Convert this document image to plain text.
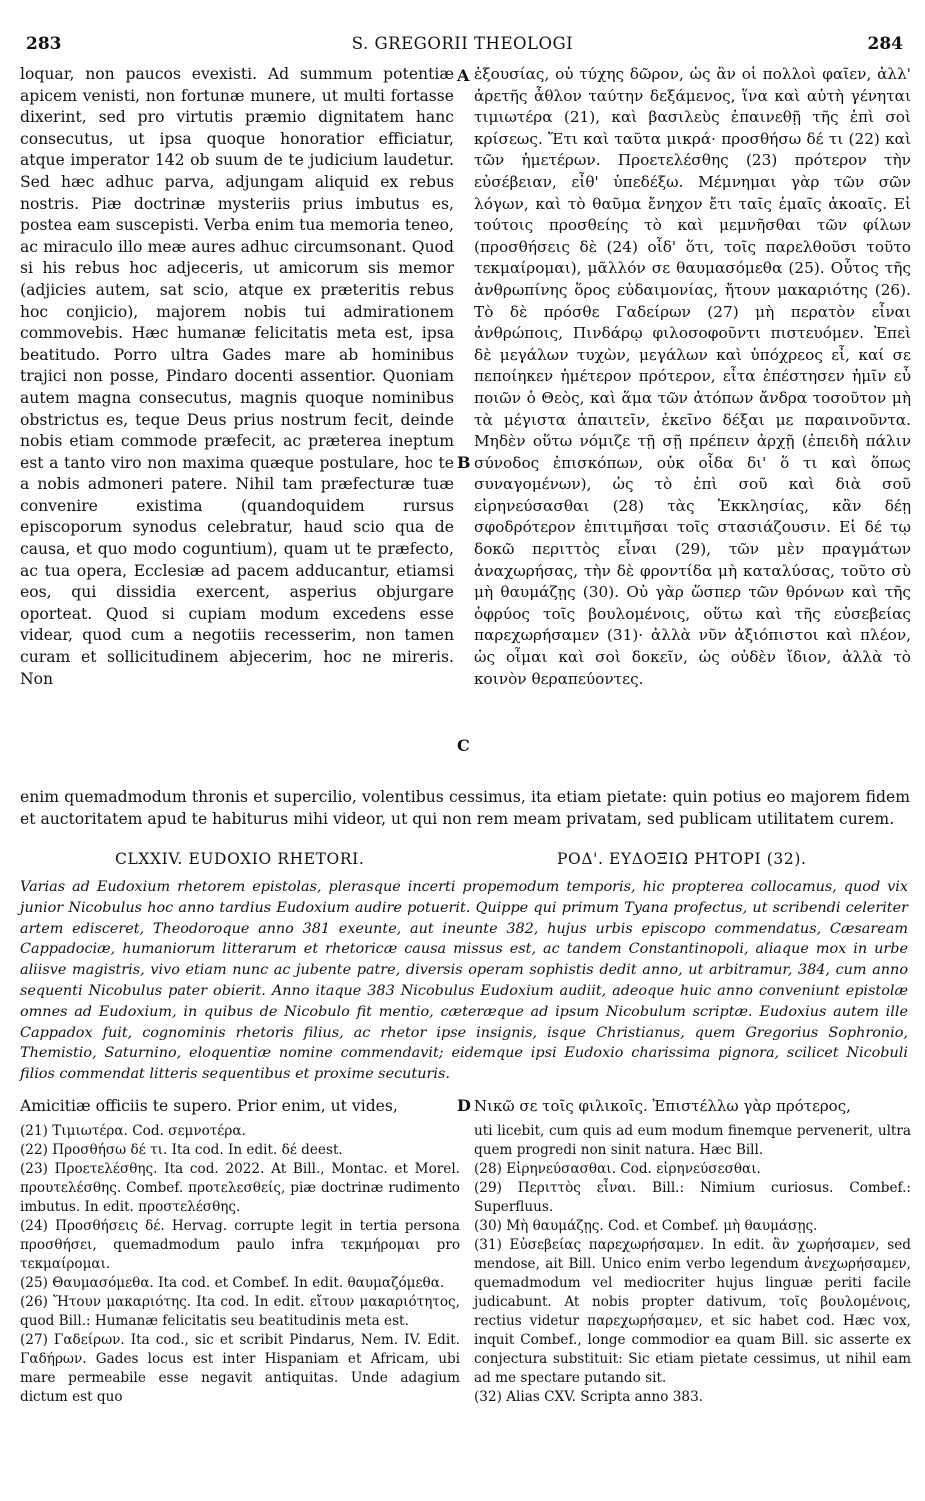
283	S. GREGORII THEOLOGI	284

loquar, non paucos evexisti. Ad summum potentiæ apicem venisti, non fortunæ munere, ut multi fortasse dixerint, sed pro virtutis præmio dignitatem hanc consecutus, ut ipsa quoque honoratior efficiatur, atque imperator 142 ob suum de te judicium laudetur. Sed hæc adhuc parva, adjungam aliquid ex rebus nostris. Piæ doctrinæ mysteriis prius imbutus es, postea eam suscepisti. Verba enim tua memoria teneo, ac miraculo illo meæ aures adhuc circumsonant. Quod si his rebus hoc adjeceris, ut amicorum sis memor (adjicies autem, sat scio, atque ex præteritis rebus hoc conjicio), majorem nobis tui admirationem commovebis. Hæc humanæ felicitatis meta est, ipsa beatitudo. Porro ultra Gades mare ab hominibus trajici non posse, Pindaro docenti assentior. Quoniam autem magna consecutus, magnis quoque nominibus obstrictus es, teque Deus prius nostrum fecit, deinde nobis etiam commode præfecit, ac præterea ineptum est a tanto viro non maxima quæque postulare, hoc te a nobis admoneri patere. Nihil tam præfecturæ tuæ convenire existima (quandoquidem rursus episcoporum synodus celebratur, haud scio qua de causa, et quo modo coguntium), quam ut te præfecto, ac tua opera, Ecclesiæ ad pacem adducantur, etiamsi eos, qui dissidia exercent, asperius objurgare oporteat. Quod si cupiam modum excedens esse videar, quod cum a negotiis recesserim, non tamen curam et sollicitudinem abjecerim, hoc ne mireris. Non

ἐξουσίας, οὐ τύχης δῶρον, ὡς ἂν οἱ πολλοὶ φαῖεν, ἀλλ' ἀρετῆς ἆθλον ταύτην δεξάμενος, ἵνα καὶ αὐτὴ γένηται τιμιωτέρα (21), καὶ βασιλεὺς ἐπαινεθῇ τῆς ἐπὶ σοὶ κρίσεως. Ἔτι καὶ ταῦτα μικρά· προσθήσω δέ τι (22) καὶ τῶν ἡμετέρων. Προετελέσθης (23) πρότερον τὴν εὐσέβειαν, εἶθ' ὑπεδέξω. Μέμνημαι γὰρ τῶν σῶν λόγων, καὶ τὸ θαῦμα ἔνηχον ἔτι ταῖς ἐμαῖς ἀκοαῖς. Εἰ τούτοις προσθείης τὸ καὶ μεμνῆσθαι τῶν φίλων (προσθήσεις δὲ (24) οἶδ' ὅτι, τοῖς παρελθοῦσι τοῦτο τεκμαίρομαι), μᾶλλόν σε θαυμασόμεθα (25). Οὗτος τῆς ἀνθρωπίνης ὅρος εὐδαιμονίας, ἤτουν μακαριότης (26). Τὸ δὲ πρόσθε Γαδείρων (27) μὴ περατὸν εἶναι ἀνθρώποις, Πινδάρῳ φιλοσοφοῦντι πιστευόμεν. Ἐπεὶ δὲ μεγάλων τυχὼν, μεγάλων καὶ ὑπόχρεος εἶ, καί σε πεποίηκεν ἡμέτερον πρότερον, εἶτα ἐπέστησεν ἡμῖν εὖ ποιῶν ὁ Θεὸς, καὶ ἅμα τῶν ἀτόπων ἄνδρα τοσοῦτον μὴ τὰ μέγιστα ἀπαιτεῖν, ἐκεῖνο δέξαι με παραινοῦντα. Μηδὲν οὕτω νόμιζε τῇ σῇ πρέπειν ἀρχῇ (ἐπειδὴ πάλιν σύνοδος ἐπισκόπων, οὐκ οἶδα δι' ὅ τι καὶ ὅπως συναγομένων), ὡς τὸ ἐπὶ σοῦ καὶ διὰ σοῦ εἰρηνεύσασθαι (28) τὰς Ἐκκλησίας, κἂν δέῃ σφοδρότερον ἐπιτιμῆσαι τοῖς στασιάζουσιν. Εἰ δέ τῳ δοκῶ περιττὸς εἶναι (29), τῶν μὲν πραγμάτων ἀναχωρήσας, τὴν δὲ φροντίδα μὴ καταλύσας, τοῦτο σὺ μὴ θαυμάζῃς (30). Οὐ γὰρ ὥσπερ τῶν θρόνων καὶ τῆς ὀφρύος τοῖς βουλομένοις, οὕτω καὶ τῆς εὐσεβείας παρεχωρήσαμεν (31)· ἀλλὰ νῦν ἀξιόπιστοι καὶ πλέον, ὡς οἶμαι καὶ σοὶ δοκεῖν, ὡς οὐδὲν ἴδιον, ἀλλὰ τὸ κοινὸν θεραπεύοντες.

A
B
C
D

enim quemadmodum thronis et supercilio, volentibus cessimus, ita etiam pietate: quin potius eo majorem fidem et auctoritatem apud te habiturus mihi videor, ut qui non rem meam privatam, sed publicam utilitatem curem.

CLXXIV. EUDOXIO RHETORI.	ΡΟΔ'. ΕΥΔΟΞΙΩ ΡΗΤΟΡΙ (32).

Varias ad Eudoxium rhetorem epistolas, plerasque incerti propemodum temporis, hic propterea collocamus, quod vix junior Nicobulus hoc anno tardius Eudoxium audire potuerit. Quippe qui primum Tyana profectus, ut scribendi celeriter artem edisceret, Theodoroque anno 381 exeunte, aut ineunte 382, hujus urbis episcopo commendatus, Cæsaream Cappadociæ, humaniorum litterarum et rhetoricæ causa missus est, ac tandem Constantinopoli, aliaque mox in urbe aliisve magistris, vivo etiam nunc ac jubente patre, diversis operam sophistis dedit anno, ut arbitramur, 384, cum anno sequenti Nicobulus pater obierit. Anno itaque 383 Nicobulus Eudoxium audiit, adeoque huic anno conveniunt epistolæ omnes ad Eudoxium, in quibus de Nicobulo fit mentio, cæteræque ad ipsum Nicobulum scriptæ. Eudoxius autem ille Cappadox fuit, cognominis rhetoris filius, ac rhetor ipse insignis, isque Christianus, quem Gregorius Sophronio, Themistio, Saturnino, eloquentiæ nomine commendavit; eidemque ipsi Eudoxio charissima pignora, scilicet Nicobuli filios commendat litteris sequentibus et proxime secuturis.

Amicitiæ officiis te supero. Prior enim, ut vides,	Νικῶ σε τοῖς φιλικοῖς. Ἐπιστέλλω γὰρ πρότερος,

(21) Τιμιωτέρα. Cod. σεμνοτέρα.

(22) Προσθήσω δέ τι. Ita cod. In edit. δέ deest.

(23) Προετελέσθης. Ita cod. 2022. At Bill., Montac. et Morel. προυτελέσθης. Combef. προτελεσθείς, piæ doctrinæ rudimento imbutus. In edit. προστελέσθης.

(24) Προσθήσεις δέ. Hervag. corrupte legit in tertia persona προσθήσει, quemadmodum paulo infra τεκμήρομαι pro τεκμαίρομαι.

(25) Θαυμασόμεθα. Ita cod. et Combef. In edit. θαυμαζόμεθα.

(26) Ἤτουν μακαριότης. Ita cod. In edit. εἴτουν μακαριότητος, quod Bill.: Humanæ felicitatis seu beatitudinis meta est.

(27) Γαδείρων. Ita cod., sic et scribit Pindarus, Nem. IV. Edit. Γαδήρων. Gades locus est inter Hispaniam et Africam, ubi mare permeabile esse negavit antiquitas. Unde adagium dictum est quo

uti licebit, cum quis ad eum modum finemque pervenerit, ultra quem progredi non sinit natura. Hæc Bill.

(28) Εἰρηνεύσασθαι. Cod. εἰρηνεύσεσθαι.

(29) Περιττὸς εἶναι. Bill.: Nimium curiosus. Combef.: Superfluus.

(30) Μὴ θαυμάζῃς. Cod. et Combef. μὴ θαυμάσῃς.

(31) Εὐσεβείας παρεχωρήσαμεν. In edit. ἂν χωρήσαμεν, sed mendose, ait Bill. Unico enim verbo legendum ἀνεχωρήσαμεν, quemadmodum vel mediocriter hujus linguæ periti facile judicabunt. At nobis propter dativum, τοῖς βουλομένοις, rectius videtur παρεχωρήσαμεν, et sic habet cod. Hæc vox, inquit Combef., longe commodior ea quam Bill. sic asserte ex conjectura substituit: Sic etiam pietate cessimus, ut nihil eam ad me spectare putando sit.

(32) Alias CXV. Scripta anno 383.
